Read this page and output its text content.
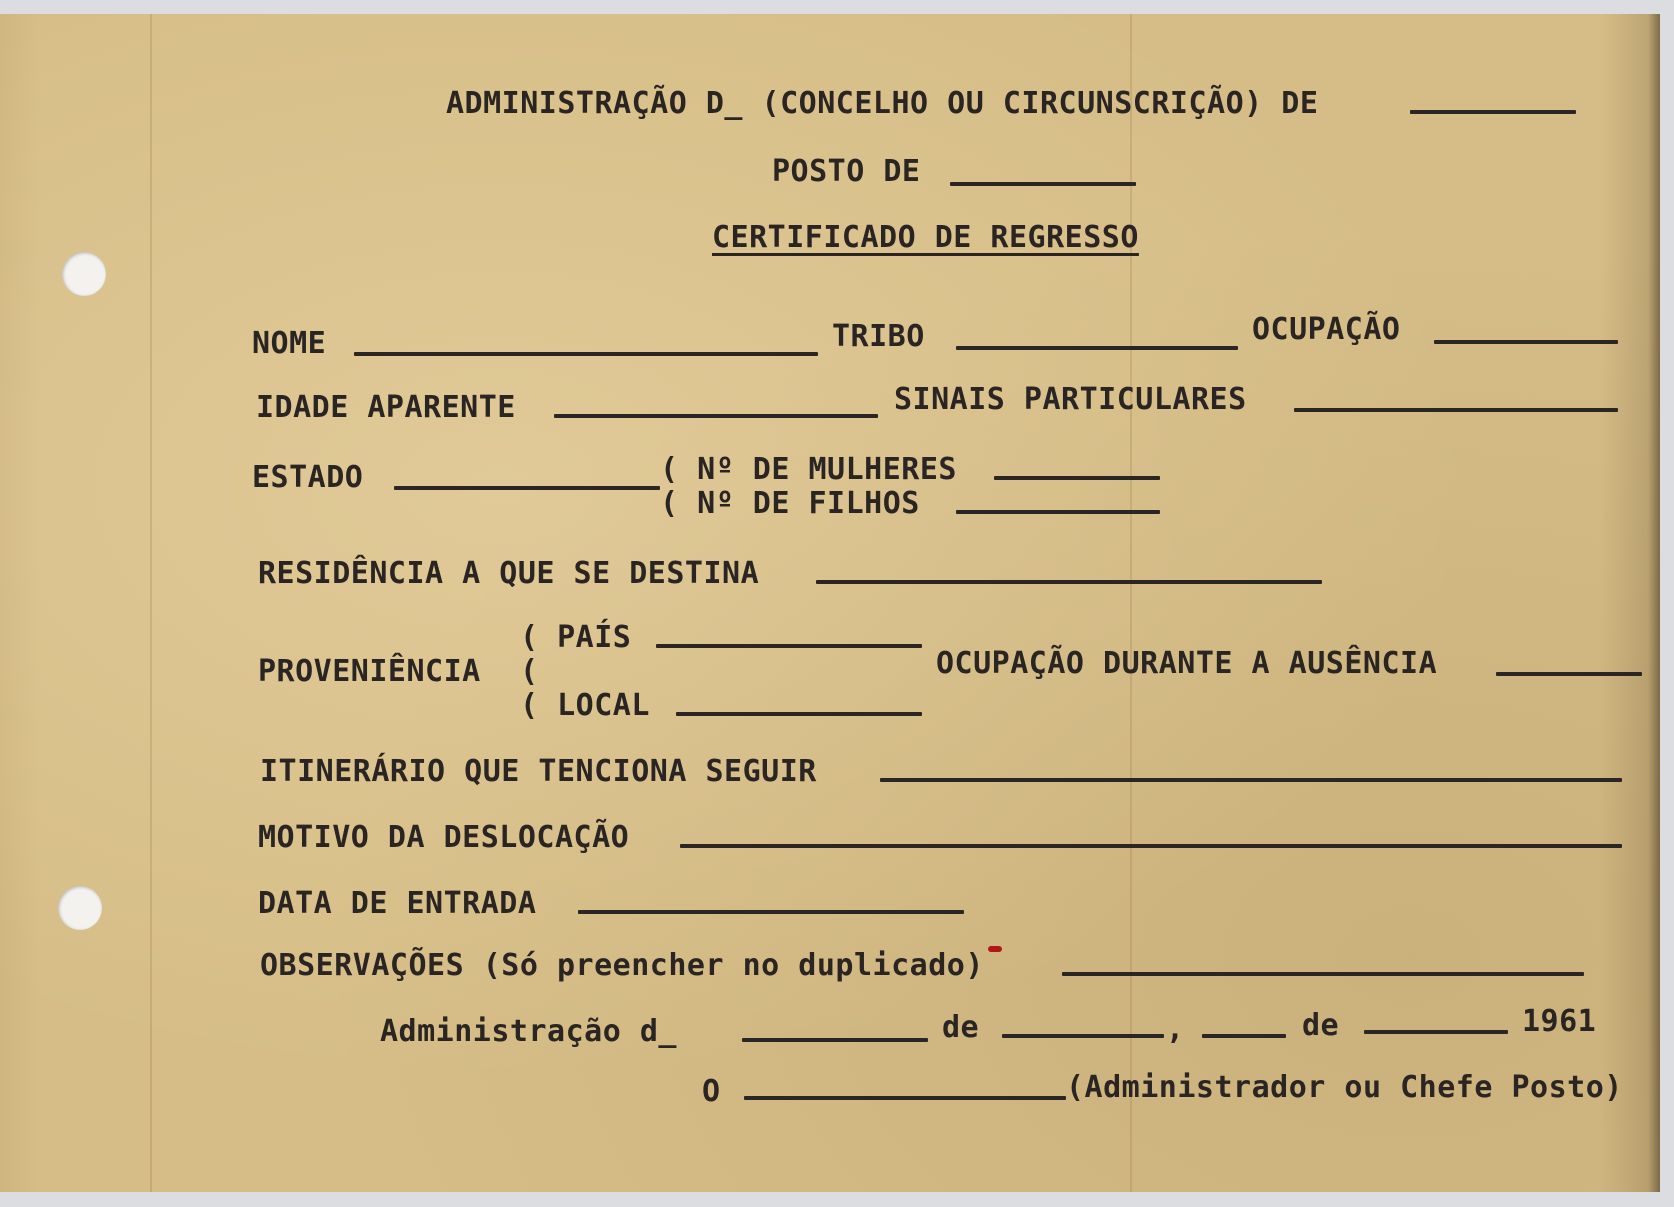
ADMINISTRAÇÃO D_ (CONCELHO OU CIRCUNSCRIÇÃO) DE
POSTO DE
CERTIFICADO DE REGRESSO
NOME	TRIBO	OCUPAÇÃO
IDADE APARENTE	SINAIS PARTICULARES
ESTADO	( Nº DE MULHERES
( Nº DE FILHOS
RESIDÊNCIA A QUE SE DESTINA
( PAÍS
PROVENIÊNCIA (
( LOCAL
OCUPAÇÃO DURANTE A AUSÊNCIA
ITINERÁRIO QUE TENCIONA SEGUIR
MOTIVO DA DESLOCAÇÃO
DATA DE ENTRADA
OBSERVAÇÕES (Só preencher no duplicado)
Administração d_	de	,	de	1961
O	(Administrador ou Chefe Posto)
